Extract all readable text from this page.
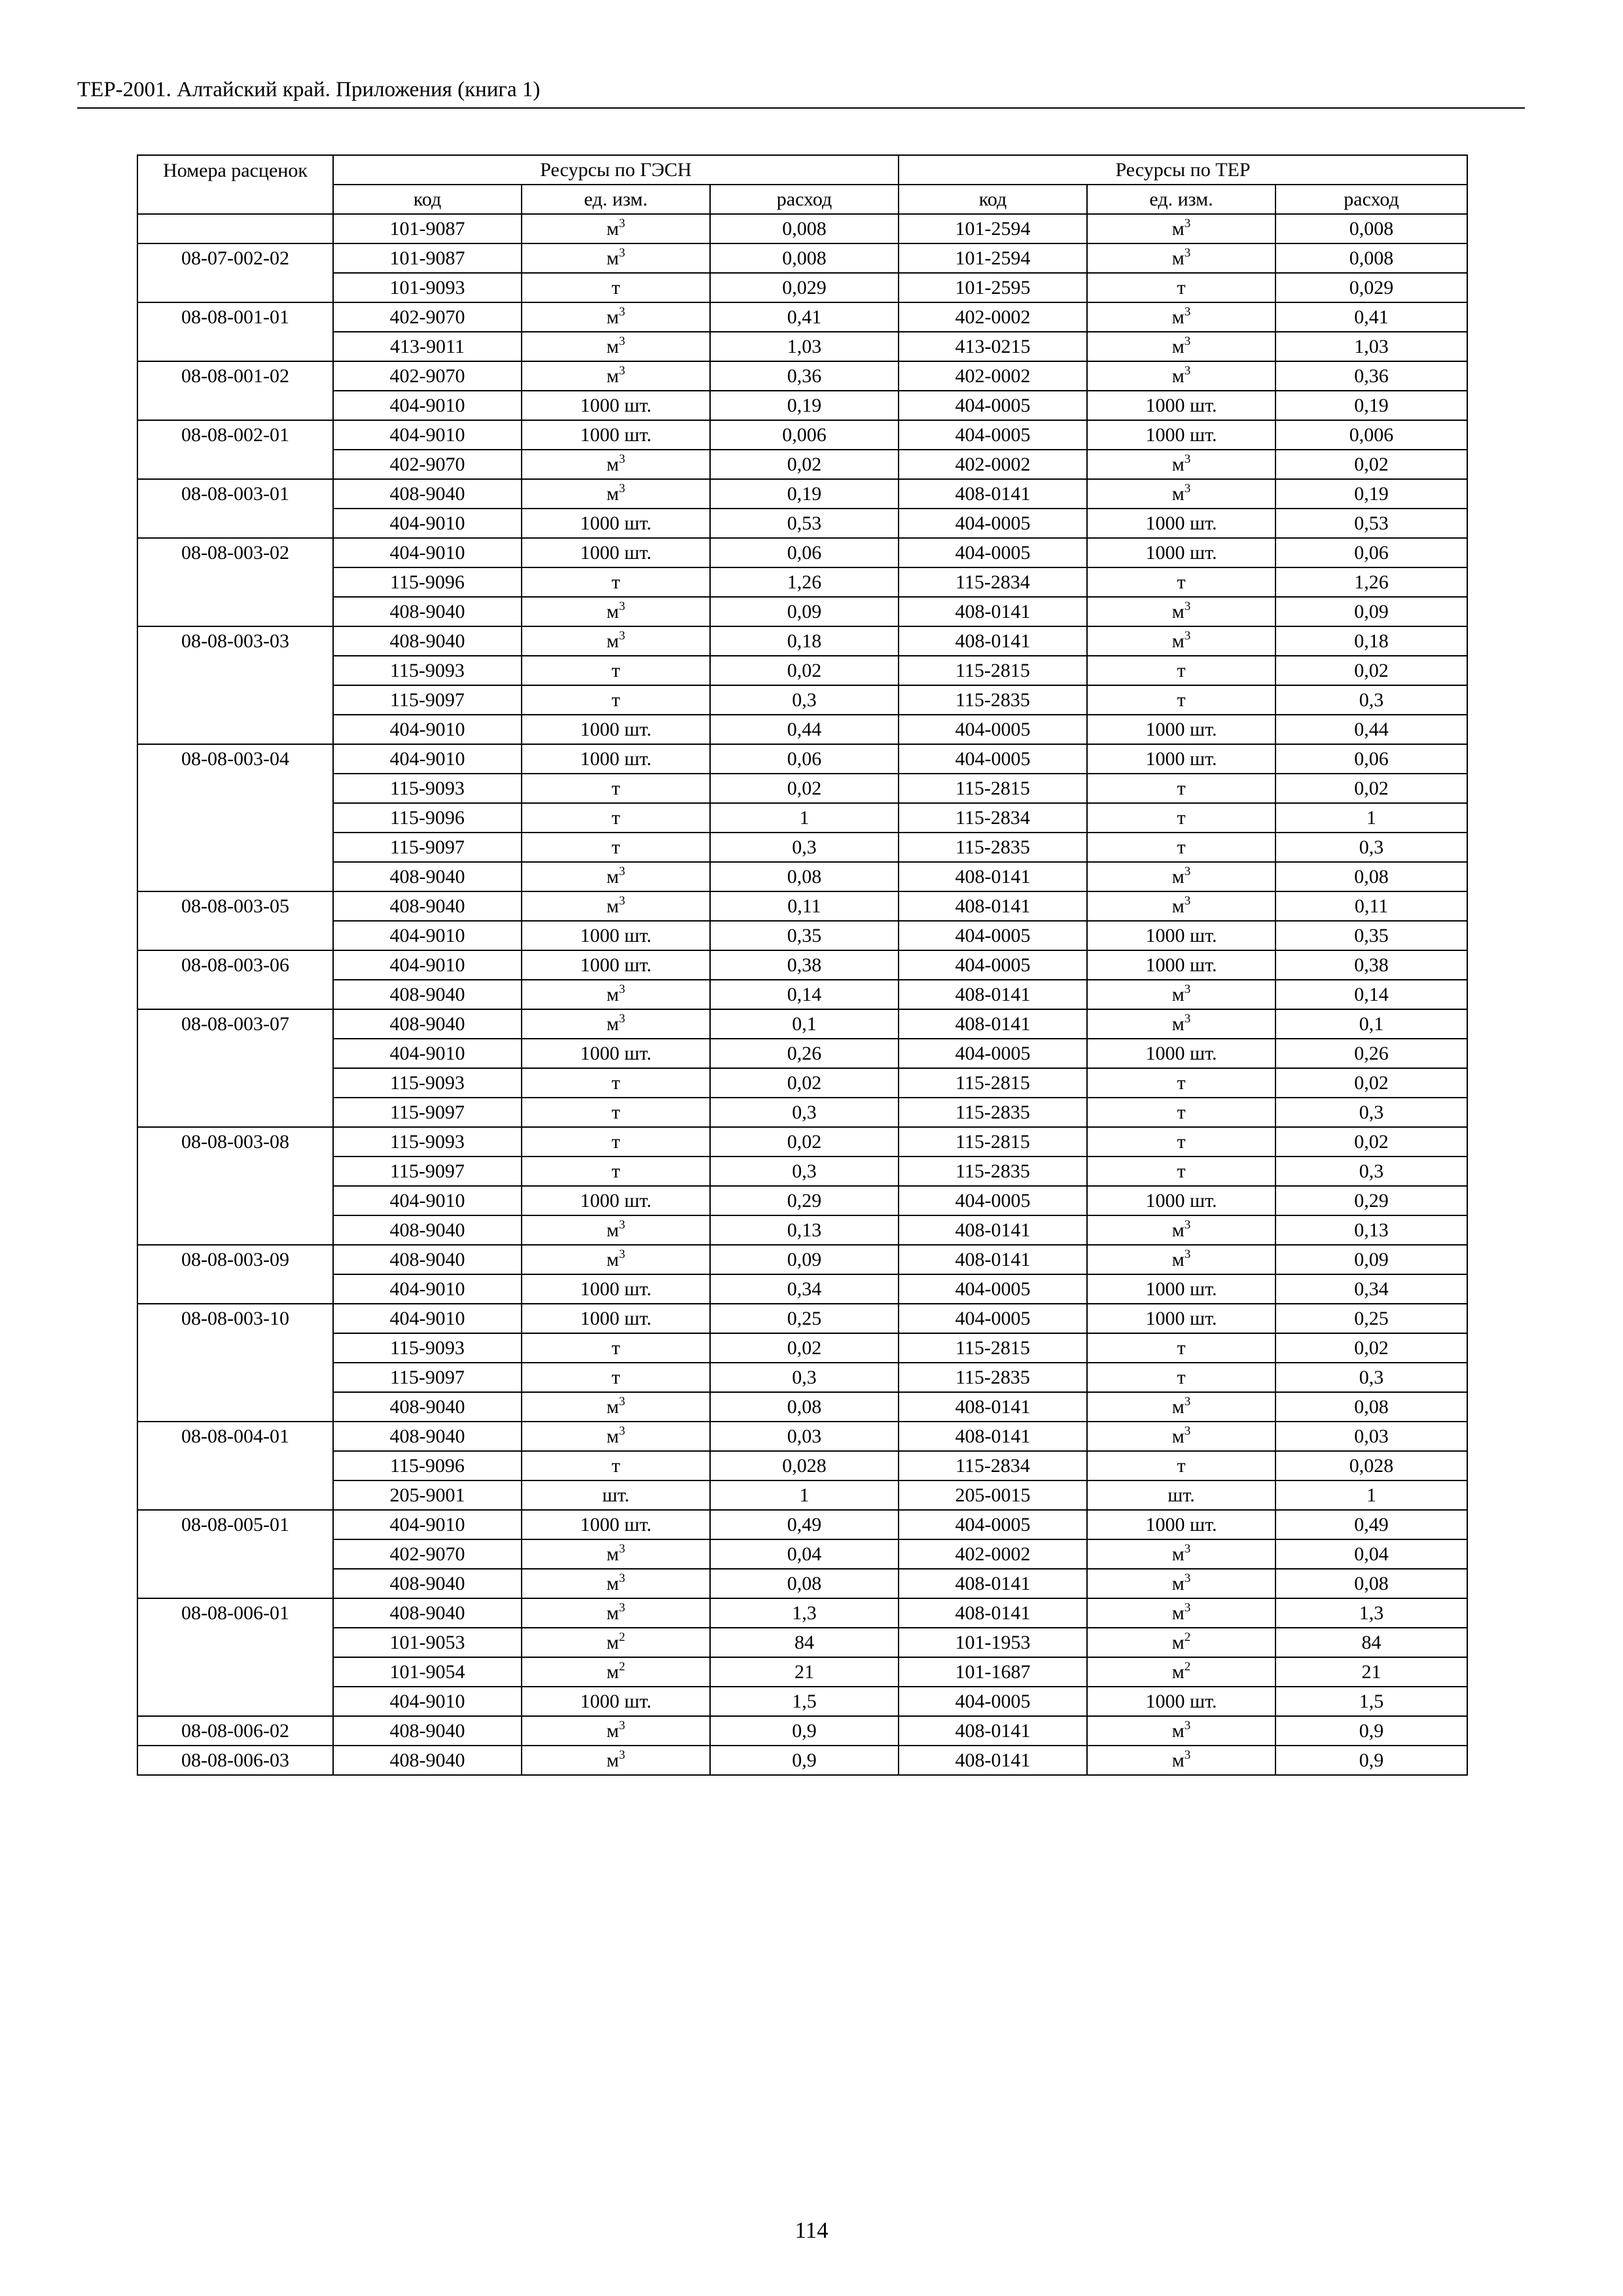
ТЕР-2001. Алтайский край. Приложения (книга 1)
Номера расценок	Ресурсы по ГЭСН			Ресурсы по ТЕР		
	код	ед. изм.	расход	код	ед. изм.	расход
	101-9087	$м^3$	0,008	101-2594	$м^3$	0,008
08-07-002-02	101-9087	$м^3$	0,008	101-2594	$м^3$	0,008
	101-9093	т	0,029	101-2595	т	0,029
08-08-001-01	402-9070	$м^3$	0,41	402-0002	$м^3$	0,41
	413-9011	$м^3$	1,03	413-0215	$м^3$	1,03
08-08-001-02	402-9070	$м^3$	0,36	402-0002	$м^3$	0,36
	404-9010	1000 шт.	0,19	404-0005	1000 шт.	0,19
08-08-002-01	404-9010	1000 шт.	0,006	404-0005	1000 шт.	0,006
	402-9070	$м^3$	0,02	402-0002	$м^3$	0,02
08-08-003-01	408-9040	$м^3$	0,19	408-0141	$м^3$	0,19
	404-9010	1000 шт.	0,53	404-0005	1000 шт.	0,53
08-08-003-02	404-9010	1000 шт.	0,06	404-0005	1000 шт.	0,06
	115-9096	т	1,26	115-2834	т	1,26
	408-9040	$м^3$	0,09	408-0141	$м^3$	0,09
08-08-003-03	408-9040	$м^3$	0,18	408-0141	$м^3$	0,18
	115-9093	т	0,02	115-2815	т	0,02
	115-9097	т	0,3	115-2835	т	0,3
	404-9010	1000 шт.	0,44	404-0005	1000 шт.	0,44
08-08-003-04	404-9010	1000 шт.	0,06	404-0005	1000 шт.	0,06
	115-9093	т	0,02	115-2815	т	0,02
	115-9096	т	1	115-2834	т	1
	115-9097	т	0,3	115-2835	т	0,3
	408-9040	$м^3$	0,08	408-0141	$м^3$	0,08
08-08-003-05	408-9040	$м^3$	0,11	408-0141	$м^3$	0,11
	404-9010	1000 шт.	0,35	404-0005	1000 шт.	0,35
08-08-003-06	404-9010	1000 шт.	0,38	404-0005	1000 шт.	0,38
	408-9040	$м^3$	0,14	408-0141	$м^3$	0,14
08-08-003-07	408-9040	$м^3$	0,1	408-0141	$м^3$	0,1
	404-9010	1000 шт.	0,26	404-0005	1000 шт.	0,26
	115-9093	т	0,02	115-2815	т	0,02
	115-9097	т	0,3	115-2835	т	0,3
08-08-003-08	115-9093	т	0,02	115-2815	т	0,02
	115-9097	т	0,3	115-2835	т	0,3
	404-9010	1000 шт.	0,29	404-0005	1000 шт.	0,29
	408-9040	$м^3$	0,13	408-0141	$м^3$	0,13
08-08-003-09	408-9040	$м^3$	0,09	408-0141	$м^3$	0,09
	404-9010	1000 шт.	0,34	404-0005	1000 шт.	0,34
08-08-003-10	404-9010	1000 шт.	0,25	404-0005	1000 шт.	0,25
	115-9093	т	0,02	115-2815	т	0,02
	115-9097	т	0,3	115-2835	т	0,3
	408-9040	$м^3$	0,08	408-0141	$м^3$	0,08
08-08-004-01	408-9040	$м^3$	0,03	408-0141	$м^3$	0,03
	115-9096	т	0,028	115-2834	т	0,028
	205-9001	шт.	1	205-0015	шт.	1
08-08-005-01	404-9010	1000 шт.	0,49	404-0005	1000 шт.	0,49
	402-9070	$м^3$	0,04	402-0002	$м^3$	0,04
	408-9040	$м^3$	0,08	408-0141	$м^3$	0,08
08-08-006-01	408-9040	$м^3$	1,3	408-0141	$м^3$	1,3
	101-9053	$м^2$	84	101-1953	$м^2$	84
	101-9054	$м^2$	21	101-1687	$м^2$	21
	404-9010	1000 шт.	1,5	404-0005	1000 шт.	1,5
08-08-006-02	408-9040	$м^3$	0,9	408-0141	$м^3$	0,9
08-08-006-03	408-9040	$м^3$	0,9	408-0141	$м^3$	0,9
114
